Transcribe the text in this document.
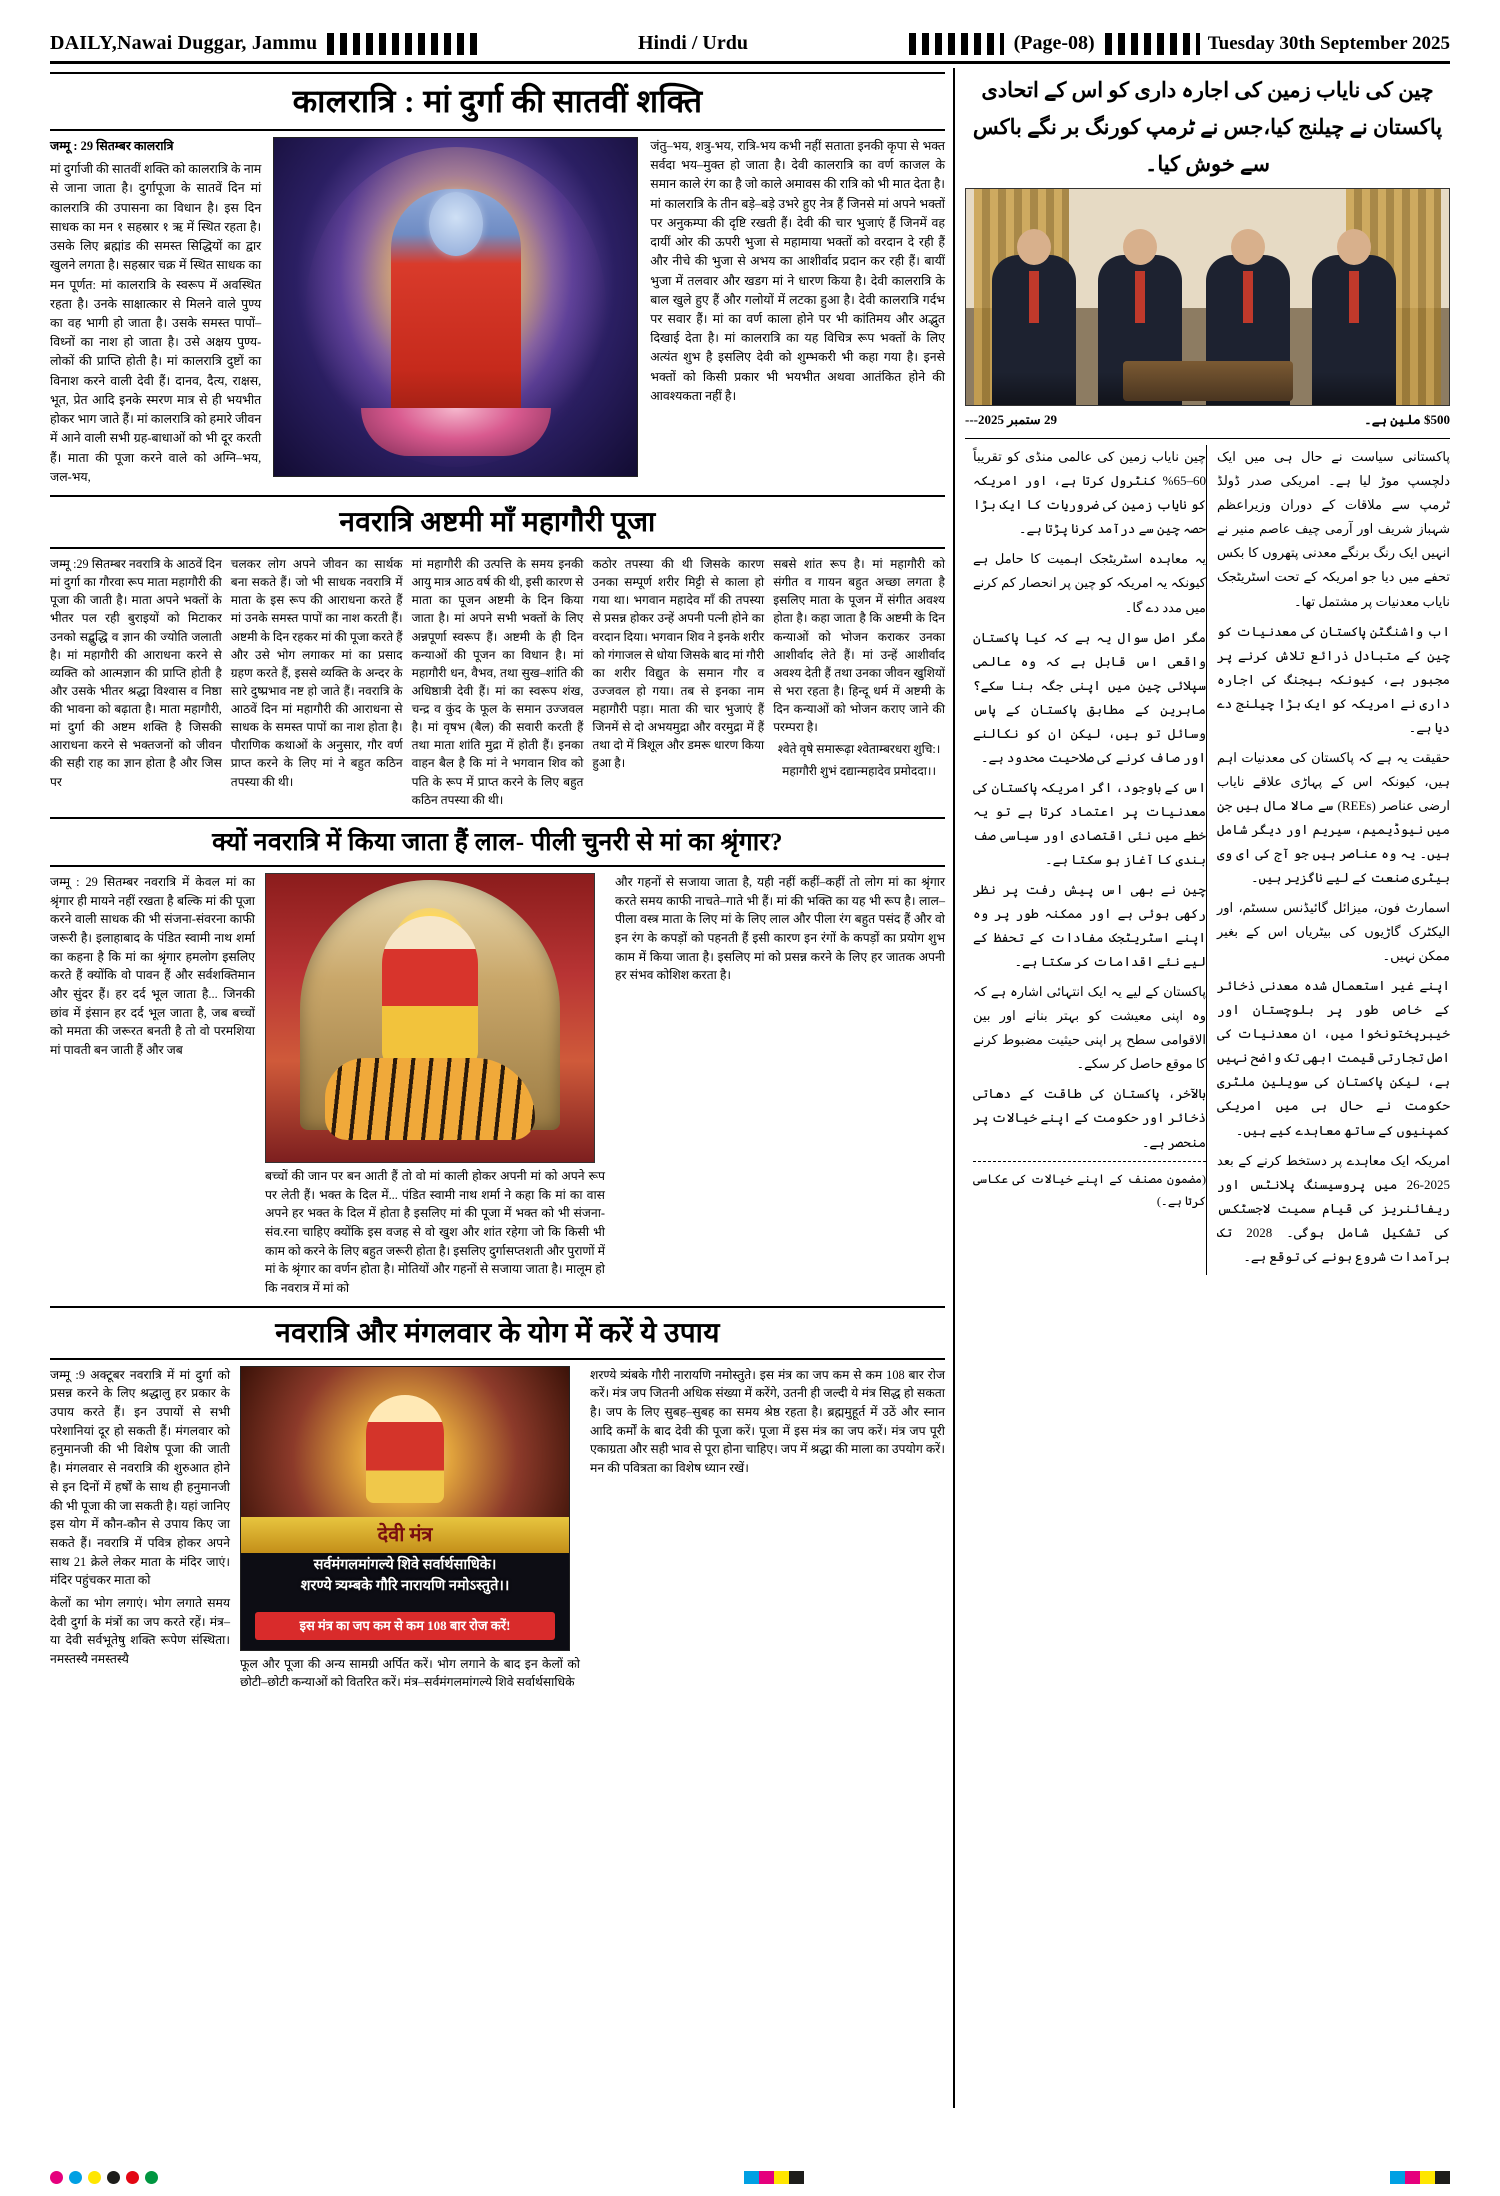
DAILY,Nawai Duggar, Jammu	Hindi / Urdu	(Page-08)	Tuesday 30th September 2025
कालरात्रि : मां दुर्गा की सातवीं शक्ति

जम्मू : 29 सितम्बर कालरात्रि

मां दुर्गाजी की सातवीं शक्ति को कालरात्रि के नाम से जाना जाता है। दुर्गापूजा के सातवें दिन मां कालरात्रि की उपासना का विधान है। इस दिन साधक का मन १ सहस्रार १ ऋ में स्थित रहता है। उसके लिए ब्रह्मांड की समस्त सिद्धियों का द्वार खुलने लगता है। सहस्रार चक्र में स्थित साधक का मन पूर्णत: मां कालरात्रि के स्वरूप में अवस्थित रहता है। उनके साक्षात्कार से मिलने वाले पुण्य का वह भागी हो जाता है। उसके समस्त पापों–विध्नों का नाश हो जाता है। उसे अक्षय पुण्य-लोकों की प्राप्ति होती है। मां कालरात्रि दुष्टों का विनाश करने वाली देवी हैं। दानव, दैत्य, राक्षस, भूत, प्रेत आदि इनके स्मरण मात्र से ही भयभीत होकर भाग जाते हैं। मां कालरात्रि को हमारे जीवन में आने वाली सभी ग्रह-बाधाओं को भी दूर करती हैं। माता की पूजा करने वाले को अग्नि–भय, जल-भय,

जंतु–भय, शत्रु-भय, रात्रि-भय कभी नहीं सताता इनकी कृपा से भक्त सर्वदा भय–मुक्त हो जाता है। देवी कालरात्रि का वर्ण काजल के समान काले रंग का है जो काले अमावस की रात्रि को भी मात देता है। मां कालरात्रि के तीन बड़े–बड़े उभरे हुए नेत्र हैं जिनसे मां अपने भक्तों पर अनुकम्पा की दृष्टि रखती हैं। देवी की चार भुजाएं हैं जिनमें वह दायीं ओर की ऊपरी भुजा से महामाया भक्तों को वरदान दे रही हैं और नीचे की भुजा से अभय का आशीर्वाद प्रदान कर रही हैं। बायीं भुजा में तलवार और खडग मां ने धारण किया है। देवी कालरात्रि के बाल खुले हुए हैं और गलोयों में लटका हुआ है। देवी कालरात्रि गर्दभ पर सवार हैं। मां का वर्ण काला होने पर भी कांतिमय और अद्भुत दिखाई देता है। मां कालरात्रि का यह विचित्र रूप भक्तों के लिए अत्यंत शुभ है इसलिए देवी को शुम्भकरी भी कहा गया है। इनसे भक्तों को किसी प्रकार भी भयभीत अथवा आतंकित होने की आवश्यकता नहीं है।

नवरात्रि अष्टमी माँ महागौरी पूजा

जम्मू :29 सितम्बर नवरात्रि के आठवें दिन मां दुर्गा का गौरवा रूप माता महागौरी की पूजा की जाती है। माता अपने भक्तों के भीतर पल रही बुराइयों को मिटाकर उनको सद्बुद्धि व ज्ञान की ज्योति जलाती है। मां महागौरी की आराधना करने से व्यक्ति को आत्मज्ञान की प्राप्ति होती है और उसके भीतर श्रद्धा विश्वास व निष्ठा की भावना को बढ़ाता है। माता महागौरी, मां दुर्गा की अष्टम शक्ति है जिसकी आराधना करने से भक्तजनों को जीवन की सही राह का ज्ञान होता है और जिस पर

चलकर लोग अपने जीवन का सार्थक बना सकते हैं। जो भी साधक नवरात्रि में माता के इस रूप की आराधना करते हैं मां उनके समस्त पापों का नाश करती हैं। अष्टमी के दिन रहकर मां की पूजा करते हैं और उसे भोग लगाकर मां का प्रसाद ग्रहण करते हैं, इससे व्यक्ति के अन्दर के सारे दुष्प्रभाव नष्ट हो जाते हैं। नवरात्रि के आठवें दिन मां महागौरी की आराधना से साधक के समस्त पापों का नाश होता है। पौराणिक कथाओं के अनुसार, गौर वर्ण प्राप्त करने के लिए मां ने बहुत कठिन तपस्या की थी।

मां महागौरी की उत्पत्ति के समय इनकी आयु मात्र आठ वर्ष की थी, इसी कारण से माता का पूजन अष्टमी के दिन किया जाता है। मां अपने सभी भक्तों के लिए अन्नपूर्णा स्वरूप हैं। अष्टमी के ही दिन कन्याओं की पूजन का विधान है। मां महागौरी धन, वैभव, तथा सुख–शांति की अधिष्ठात्री देवी हैं। मां का स्वरूप शंख, चन्द्र व कुंद के फूल के समान उज्जवल है। मां वृषभ (बैल) की सवारी करती हैं तथा माता शांति मुद्रा में होती हैं। इनका वाहन बैल है कि मां ने भगवान शिव को पति के रूप में प्राप्त करने के लिए बहुत कठिन तपस्या की थी।

कठोर तपस्या की थी जिसके कारण उनका सम्पूर्ण शरीर मिट्टी से काला हो गया था। भगवान महादेव माँ की तपस्या से प्रसन्न होकर उन्हें अपनी पत्नी होने का वरदान दिया। भगवान शिव ने इनके शरीर को गंगाजल से धोया जिसके बाद मां गौरी का शरीर विद्युत के समान गौर व उज्जवल हो गया। तब से इनका नाम महागौरी पड़ा। माता की चार भुजाएं हैं जिनमें से दो अभयमुद्रा और वरमुद्रा में हैं तथा दो में त्रिशूल और डमरू धारण किया हुआ है।

सबसे शांत रूप है। मां महागौरी को संगीत व गायन बहुत अच्छा लगता है इसलिए माता के पूजन में संगीत अवश्य होता है। कहा जाता है कि अष्टमी के दिन कन्याओं को भोजन कराकर उनका आशीर्वाद लेते हैं। मां उन्हें आशीर्वाद अवश्य देती हैं तथा उनका जीवन खुशियों से भरा रहता है। हिन्दू धर्म में अष्टमी के दिन कन्याओं को भोजन कराए जाने की परम्परा है।

श्वेते वृषे समारूढ़ा श्वेताम्बरधरा शुचि:।

महागौरी शुभं दद्यान्महादेव प्रमोददा।।

क्यों नवरात्रि में किया जाता हैं लाल- पीली चुनरी से मां का श्रृंगार?

जम्मू : 29 सितम्बर नवरात्रि में केवल मां का श्रृंगार ही मायने नहीं रखता है बल्कि मां की पूजा करने वाली साधक की भी संजना-संवरना काफी जरूरी है। इलाहाबाद के पंडित स्वामी नाथ शर्मा का कहना है कि मां का श्रृंगार हमलोग इसलिए करते हैं क्योंकि वो पावन हैं और सर्वशक्तिमान और सुंदर हैं। हर दर्द भूल जाता है... जिनकी छांव में इंसान हर दर्द भूल जाता है, जब बच्चों को ममता की जरूरत बनती है तो वो परमशिया मां पावती बन जाती हैं और जब

बच्चों की जान पर बन आती हैं तो वो मां काली होकर अपनी मां को अपने रूप पर लेती हैं। भक्त के दिल में... पंडित स्वामी नाथ शर्मा ने कहा कि मां का वास अपने हर भक्त के दिल में होता है इसलिए मां की पूजा में भक्त को भी संजना-संव.रना चाहिए क्योंकि इस वजह से वो खुश और शांत रहेगा जो कि किसी भी काम को करने के लिए बहुत जरूरी होता है। इसलिए दुर्गासप्तशती और पुराणों में मां के श्रृंगार का वर्णन होता है। मोतियों और गहनों से सजाया जाता है। मालूम हो कि नवरात्र में मां को

और गहनों से सजाया जाता है, यही नहीं कहीं–कहीं तो लोग मां का श्रृंगार करते समय काफी नाचते–गाते भी हैं। मां की भक्ति का यह भी रूप है। लाल–पीला वस्त्र माता के लिए मां के लिए लाल और पीला रंग बहुत पसंद हैं और वो इन रंग के कपड़ों को पहनती हैं इसी कारण इन रंगों के कपड़ों का प्रयोग शुभ काम में किया जाता है। इसलिए मां को प्रसन्न करने के लिए हर जातक अपनी हर संभव कोशिश करता है।

नवरात्रि और मंगलवार के योग में करें ये उपाय

जम्मू :9 अक्टूबर नवरात्रि में मां दुर्गा को प्रसन्न करने के लिए श्रद्धालु हर प्रकार के उपाय करते हैं। इन उपायों से सभी परेशानियां दूर हो सकती हैं। मंगलवार को हनुमानजी की भी विशेष पूजा की जाती है। मंगलवार से नवरात्रि की शुरुआत होने से इन दिनों में हर्षों के साथ ही हनुमानजी की भी पूजा की जा सकती है। यहां जानिए इस योग में कौन-कौन से उपाय किए जा सकते हैं। नवरात्रि में पवित्र होकर अपने साथ 21 क्रेले लेकर माता के मंदिर जाएं। मंदिर पहुंचकर माता को

केलों का भोग लगाएं। भोग लगाते समय देवी दुर्गा के मंत्रों का जप करते रहें। मंत्र– या देवी सर्वभूतेषु शक्ति रूपेण संस्थिता। नमस्तस्यै नमस्तस्यै

देवी मंत्र
सर्वमंगलमांगल्ये शिवे सर्वार्थसाधिके।
शरण्ये त्र्यम्बके गौरि नारायणि नमोऽस्तुते।।
इस मंत्र का जप कम से कम 108 बार रोज करें!

फूल और पूजा की अन्य सामग्री अर्पित करें। भोग लगाने के बाद इन केलों को छोटी–छोटी कन्याओं को वितरित करें। मंत्र–सर्वमंगलमांगल्ये शिवे सर्वार्थसाधिके

शरण्ये त्र्यंबके गौरी नारायणि नमोस्तुते। इस मंत्र का जप कम से कम 108 बार रोज करें। मंत्र जप जितनी अधिक संख्या में करेंगे, उतनी ही जल्दी ये मंत्र सिद्ध हो सकता है। जप के लिए सुबह–सुबह का समय श्रेष्ठ रहता है। ब्रह्ममुहूर्त में उठें और स्नान आदि कर्मों के बाद देवी की पूजा करें। पूजा में इस मंत्र का जप करें। मंत्र जप पूरी एकाग्रता और सही भाव से पूरा होना चाहिए। जप में श्रद्धा की माला का उपयोग करें। मन की पवित्रता का विशेष ध्यान रखें।

چین کی نایاب زمین کی اجارہ داری کو اس کے اتحادی پاکستان نے چیلنج کیا،جس نے ٹرمپ کورنگ بر نگے باکس سے خوش کیا۔
$500 ملین ہے۔
29 ستمبر 2025---

پاکستانی سیاست نے حال ہی میں ایک دلچسپ موڑ لیا ہے۔ امریکی صدر ڈولڈ ٹرمپ سے ملاقات کے دوران وزیراعظم شہباز شریف اور آرمی چیف عاصم منیر نے انہیں ایک رنگ برنگے معدنی پتھروں کا بکس تحفے میں دیا جو امریکہ کے تحت اسٹریٹجک نایاب معدنیات پر مشتمل تھا۔

اب واشنگٹن پاکستان کی معدنیات کو چین کے متبادل ذرائع تلاش کرنے پر مجبور ہے، کیونکہ بیجنگ کی اجارہ داری نے امریکہ کو ایک بڑا چیلنج دے دیا ہے۔

حقیقت یہ ہے کہ پاکستان کی معدنیات اہم ہیں، کیونکہ اس کے پہاڑی علاقے نایاب ارضی عناصر (REEs) سے مالا مال ہیں جن میں نیوڈیمیم، سیریم اور دیگر شامل ہیں۔ یہ وہ عناصر ہیں جو آج کی ای وی بیٹری صنعت کے لیے ناگزیر ہیں۔

اسمارٹ فون، میزائل گائیڈنس سسٹم، اور الیکٹرک گاڑیوں کی بیٹریاں اس کے بغیر ممکن نہیں۔

اپنے غیر استعمال شدہ معدنی ذخائر کے خاص طور پر بلوچستان اور خیبرپختونخوا میں، ان معدنیات کی اصل تجارتی قیمت ابھی تک واضح نہیں ہے، لیکن پاکستان کی سویلین ملٹری حکومت نے حال ہی میں امریکی کمپنیوں کے ساتھ معاہدے کیے ہیں۔

امریکہ ایک معاہدے پر دستخط کرنے کے بعد 2025-26 میں پروسیسنگ پلانٹس اور ریفائنریز کی قیام سمیت لاجسٹکس کی تشکیل شامل ہوگی۔ 2028 تک برآمدات شروع ہونے کی توقع ہے۔

چین نایاب زمین کی عالمی منڈی کو تقریباً 60–65% کنٹرول کرتا ہے، اور امریکہ کو نایاب زمین کی ضروریات کا ایک بڑا حصہ چین سے درآمد کرنا پڑتا ہے۔

یہ معاہدہ اسٹریٹجک اہمیت کا حامل ہے کیونکہ یہ امریکہ کو چین پر انحصار کم کرنے میں مدد دے گا۔

مگر اصل سوال یہ ہے کہ کیا پاکستان واقعی اس قابل ہے کہ وہ عالمی سپلائی چین میں اپنی جگہ بنا سکے؟ ماہرین کے مطابق پاکستان کے پاس وسائل تو ہیں، لیکن ان کو نکالنے اور صاف کرنے کی صلاحیت محدود ہے۔

اس کے باوجود، اگر امریکہ پاکستان کی معدنیات پر اعتماد کرتا ہے تو یہ خطے میں نئی اقتصادی اور سیاسی صف بندی کا آغاز ہو سکتا ہے۔

چین نے بھی اس پیش رفت پر نظر رکھی ہوئی ہے اور ممکنہ طور پر وہ اپنے اسٹریٹجک مفادات کے تحفظ کے لیے نئے اقدامات کر سکتا ہے۔

پاکستان کے لیے یہ ایک انتہائی اشارہ ہے کہ وہ اپنی معیشت کو بہتر بنانے اور بین الاقوامی سطح پر اپنی حیثیت مضبوط کرنے کا موقع حاصل کر سکے۔

بالآخر، پاکستان کی طاقت کے دھاتی ذخائر اور حکومت کے اپنے خیالات پر منحصر ہے۔

(مضمون مصنف کے اپنے خیالات کی عکاسی کرتا ہے۔)
